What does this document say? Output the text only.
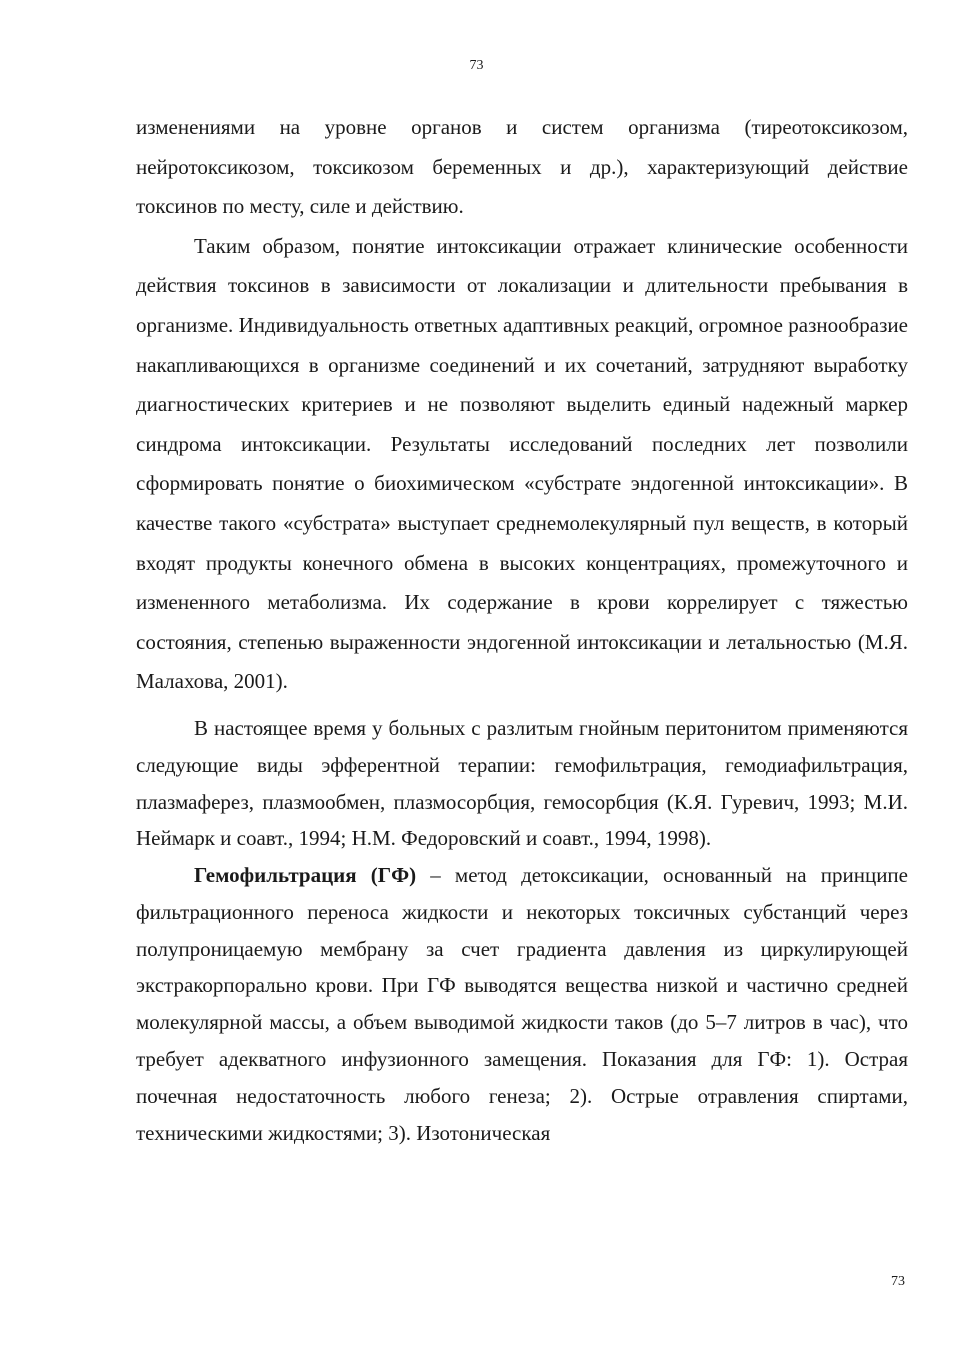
73

изменениями на уровне органов и систем организма (тиреотоксикозом, нейротоксикозом, токсикозом беременных и др.), характеризующий действие токсинов по месту, силе и действию.

Таким образом, понятие интоксикации отражает клинические особенности действия токсинов в зависимости от локализации и длительности пребывания в организме. Индивидуальность ответных адаптивных реакций, огромное разнообразие накапливающихся в организме соединений и их сочетаний, затрудняют выработку диагностических критериев и не позволяют выделить единый надежный маркер синдрома интоксикации. Результаты исследований последних лет позволили сформировать понятие о биохимическом «субстрате эндогенной интоксикации». В качестве такого «субстрата» выступает среднемолекулярный пул веществ, в который входят продукты конечного обмена в высоких концентрациях, промежуточного и измененного метаболизма. Их содержание в крови коррелирует с тяжестью состояния, степенью выраженности эндогенной интоксикации и летальностью (М.Я. Малахова, 2001).

В настоящее время у больных с разлитым гнойным перитонитом применяются следующие виды эфферентной терапии: гемофильтрация, гемодиафильтрация, плазмаферез, плазмообмен, плазмосорбция, гемосорбция (К.Я. Гуревич, 1993; М.И. Неймарк и соавт., 1994; Н.М. Федоровский и соавт., 1994, 1998).

Гемофильтрация (ГФ) – метод детоксикации, основанный на принципе фильтрационного переноса жидкости и некоторых токсичных субстанций через полупроницаемую мембрану за счет градиента давления из циркулирующей экстракорпорально крови. При ГФ выводятся вещества низкой и частично средней молекулярной массы, а объем выводимой жидкости таков (до 5–7 литров в час), что требует адекватного инфузионного замещения. Показания для ГФ: 1). Острая почечная недостаточность любого генеза; 2). Острые отравления спиртами, техническими жидкостями; 3). Изотоническая

73
